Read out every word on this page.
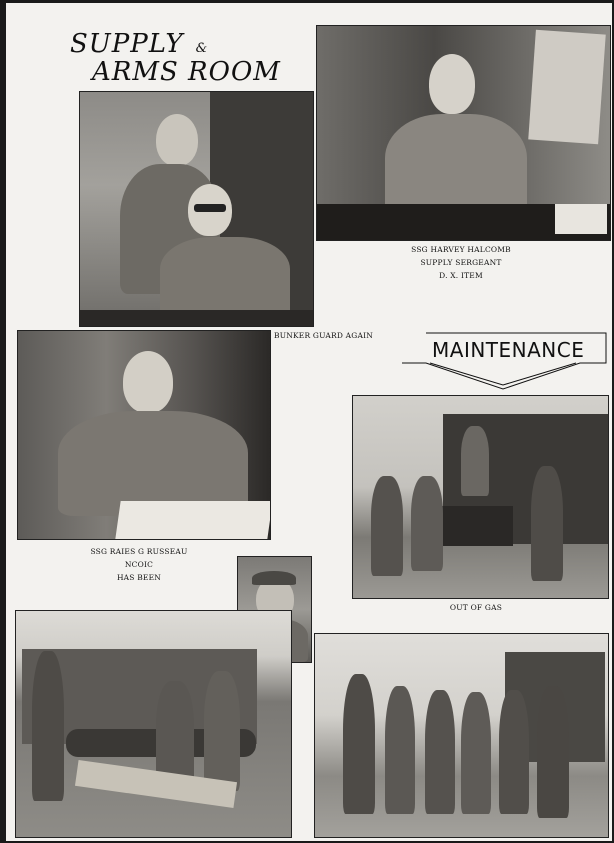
SUPPLY &
ARMS ROOM
SSG HARVEY HALCOMB
SUPPLY SERGEANT
D. X. ITEM
BUNKER GUARD AGAIN
SSG RAIES G RUSSEAU
NCOIC
HAS BEEN
MAINTENANCE
OUT OF GAS
